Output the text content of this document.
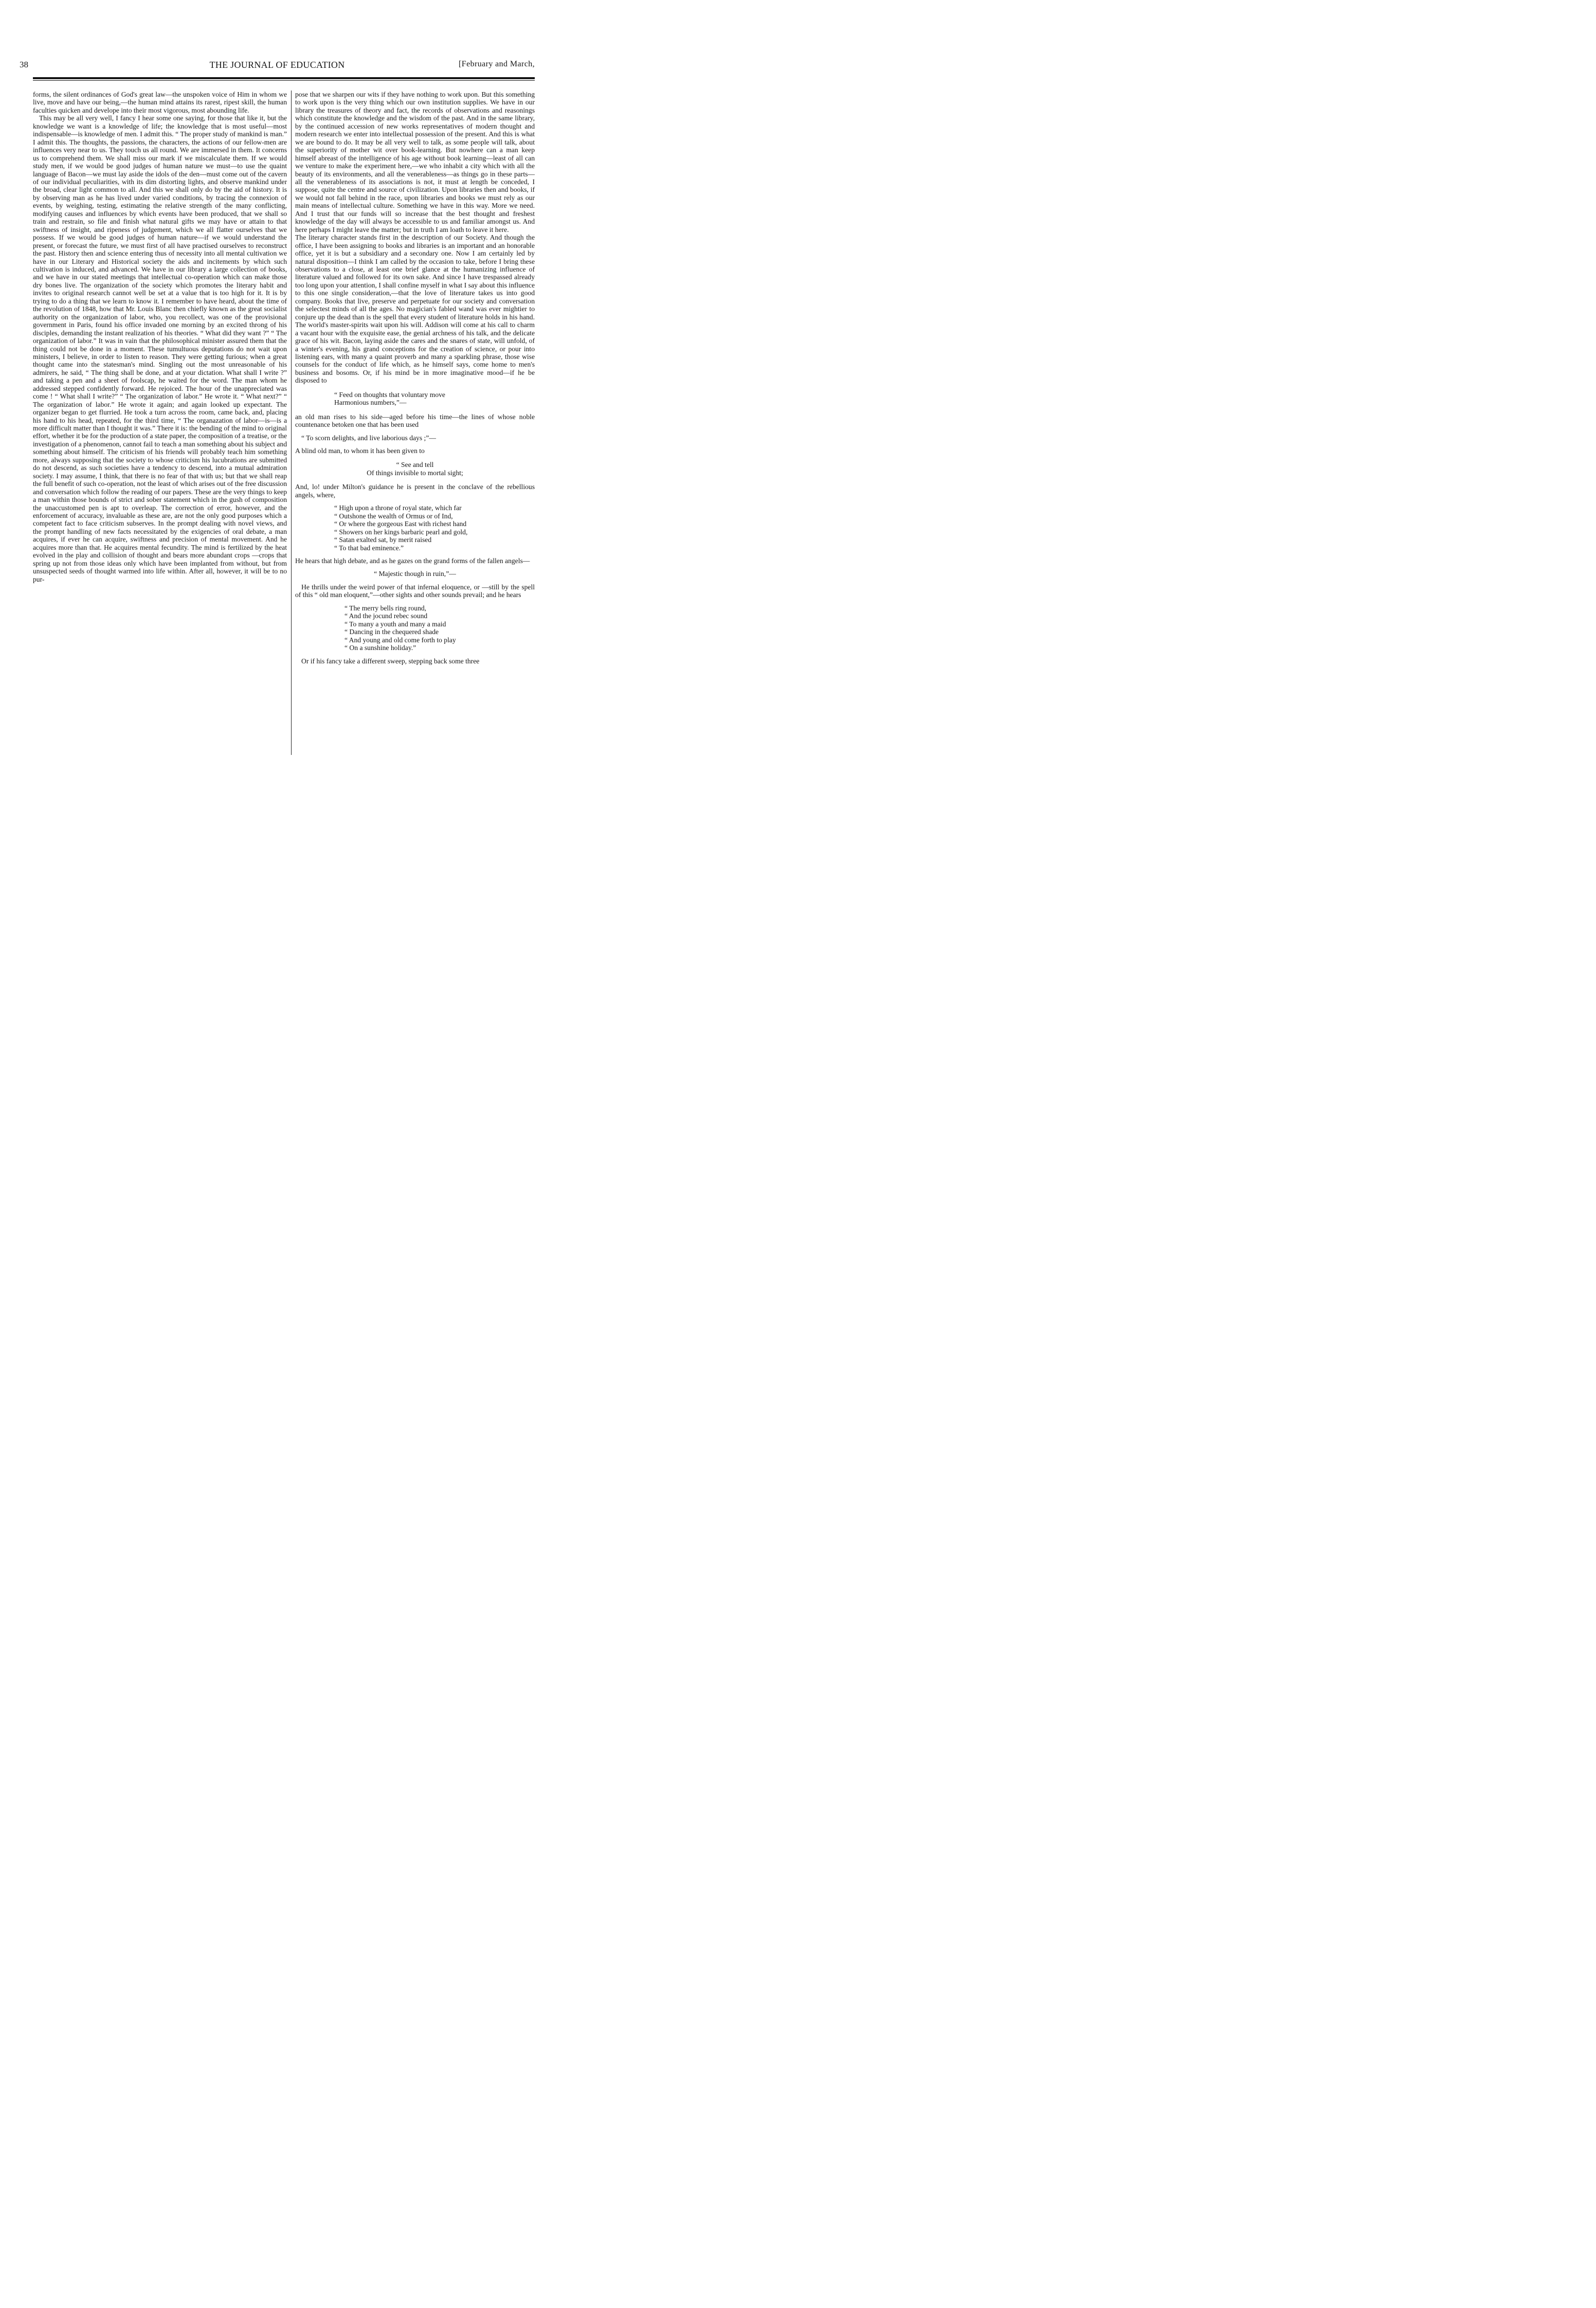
38	THE JOURNAL OF EDUCATION	[February and March,

forms, the silent ordinances of God's great law—the unspoken voice of Him in whom we live, move and have our being,—the human mind attains its rarest, ripest skill, the human faculties quicken and develope into their most vigorous, most abounding life.

This may be all very well, I fancy I hear some one saying, for those that like it, but the knowledge we want is a knowledge of life; the knowledge that is most useful—most indispensable—is knowledge of men. I admit this. “ The proper study of mankind is man.” I admit this. The thoughts, the passions, the characters, the actions of our fellow-men are influences very near to us. They touch us all round. We are immersed in them. It concerns us to comprehend them. We shall miss our mark if we miscalculate them. If we would study men, if we would be good judges of human nature we must—to use the quaint language of Bacon—we must lay aside the idols of the den—must come out of the cavern of our individual peculiarities, with its dim distorting lights, and observe mankind under the broad, clear light common to all. And this we shall only do by the aid of history. It is by observing man as he has lived under varied conditions, by tracing the connexion of events, by weighing, testing, estimating the relative strength of the many conflicting, modifying causes and influences by which events have been produced, that we shall so train and restrain, so file and finish what natural gifts we may have or attain to that swiftness of insight, and ripeness of judgement, which we all flatter ourselves that we possess. If we would be good judges of human nature—if we would understand the present, or forecast the future, we must first of all have practised ourselves to reconstruct the past. History then and science entering thus of necessity into all mental cultivation we have in our Literary and Historical society the aids and incitements by which such cultivation is induced, and advanced. We have in our library a large collection of books, and we have in our stated meetings that intellectual co-operation which can make those dry bones live. The organization of the society which promotes the literary habit and invites to original research cannot well be set at a value that is too high for it. It is by trying to do a thing that we learn to know it. I remember to have heard, about the time of the revolution of 1848, how that Mr. Louis Blanc then chiefly known as the great socialist authority on the organization of labor, who, you recollect, was one of the provisional government in Paris, found his office invaded one morning by an excited throng of his disciples, demanding the instant realization of his theories. “ What did they want ?” “ The organization of labor.” It was in vain that the philosophical minister assured them that the thing could not be done in a moment. These tumultuous deputations do not wait upon ministers, I believe, in order to listen to reason. They were getting furious; when a great thought came into the statesman's mind. Singling out the most unreasonable of his admirers, he said, “ The thing shall be done, and at your dictation. What shall I write ?” and taking a pen and a sheet of foolscap, he waited for the word. The man whom he addressed stepped confidently forward. He rejoiced. The hour of the unappreciated was come ! “ What shall I write?” “ The organization of labor.” He wrote it. “ What next?” “ The organization of labor.” He wrote it again; and again looked up expectant. The organizer began to get flurried. He took a turn across the room, came back, and, placing his hand to his head, repeated, for the third time, “ The organazation of labor—is—is a more difficult matter than I thought it was.” There it is: the bending of the mind to original effort, whether it be for the production of a state paper, the composition of a treatise, or the investigation of a phenomenon, cannot fail to teach a man something about his subject and something about himself. The criticism of his friends will probably teach him something more, always supposing that the society to whose criticism his lucubrations are submitted do not descend, as such societies have a tendency to descend, into a mutual admiration society. I may assume, I think, that there is no fear of that with us; but that we shall reap the full benefit of such co-operation, not the least of which arises out of the free discussion and conversation which follow the reading of our papers. These are the very things to keep a man within those bounds of strict and sober statement which in the gush of composition the unaccustomed pen is apt to overleap. The correction of error, however, and the enforcement of accuracy, invaluable as these are, are not the only good purposes which a competent fact to face criticism subserves. In the prompt dealing with novel views, and the prompt handling of new facts necessitated by the exigencies of oral debate, a man acquires, if ever he can acquire, swiftness and precision of mental movement. And he acquires more than that. He acquires mental fecundity. The mind is fertilized by the heat evolved in the play and collision of thought and bears more abundant crops —crops that spring up not from those ideas only which have been implanted from without, but from unsuspected seeds of thought warmed into life within. After all, however, it will be to no pur-

pose that we sharpen our wits if they have nothing to work upon. But this something to work upon is the very thing which our own institution supplies. We have in our library the treasures of theory and fact, the records of observations and reasonings which constitute the knowledge and the wisdom of the past. And in the same library, by the continued accession of new works representatives of modern thought and modern research we enter into intellectual possession of the present. And this is what we are bound to do. It may be all very well to talk, as some people will talk, about the superiority of mother wit over book-learning. But nowhere can a man keep himself abreast of the intelligence of his age without book learning—least of all can we venture to make the experiment here,—we who inhabit a city which with all the beauty of its environments, and all the venerableness—as things go in these parts—all the venerableness of its associations is not, it must at length be conceded, I suppose, quite the centre and source of civilization. Upon libraries then and books, if we would not fall behind in the race, upon libraries and books we must rely as our main means of intellectual culture. Something we have in this way. More we need. And I trust that our funds will so increase that the best thought and freshest knowledge of the day will always be accessible to us and familiar amongst us. And here perhaps I might leave the matter; but in truth I am loath to leave it here.

The literary character stands first in the description of our Society. And though the office, I have been assigning to books and libraries is an important and an honorable office, yet it is but a subsidiary and a secondary one. Now I am certainly led by natural disposition—I think I am called by the occasion to take, before I bring these observations to a close, at least one brief glance at the humanizing influence of literature valued and followed for its own sake. And since I have trespassed already too long upon your attention, I shall confine myself in what I say about this influence to this one single consideration,—that the love of literature takes us into good company. Books that live, preserve and perpetuate for our society and conversation the selectest minds of all the ages. No magician's fabled wand was ever mightier to conjure up the dead than is the spell that every student of literature holds in his hand. The world's master-spirits wait upon his will. Addison will come at his call to charm a vacant hour with the exquisite ease, the genial archness of his talk, and the delicate grace of his wit. Bacon, laying aside the cares and the snares of state, will unfold, of a winter's evening, his grand conceptions for the creation of science, or pour into listening ears, with many a quaint proverb and many a sparkling phrase, those wise counsels for the conduct of life which, as he himself says, come home to men's business and bosoms. Or, if his mind be in more imaginative mood—if he be disposed to

“ Feed on thoughts that voluntary move
Harmonious numbers,”—

an old man rises to his side—aged before his time—the lines of whose noble countenance betoken one that has been used

“ To scorn delights, and live laborious days ;”—

A blind old man, to whom it has been given to

“ See and tell
Of things invisible to mortal sight;

And, lo! under Milton's guidance he is present in the conclave of the rebellious angels, where,

“ High upon a throne of royal state, which far
“ Outshone the wealth of Ormus or of Ind,
“ Or where the gorgeous East with richest hand
“ Showers on her kings barbaric pearl and gold,
“ Satan exalted sat, by merit raised
“ To that bad eminence.”

He hears that high debate, and as he gazes on the grand forms of the fallen angels—

“ Majestic though in ruin,”—

He thrills under the weird power of that infernal eloquence, or —still by the spell of this “ old man eloquent,”—other sights and other sounds prevail; and he hears

“ The merry bells ring round,
“ And the jocund rebec sound
“ To many a youth and many a maid
“ Dancing in the chequered shade
“ And young and old come forth to play
“ On a sunshine holiday.”

Or if his fancy take a different sweep, stepping back some three
